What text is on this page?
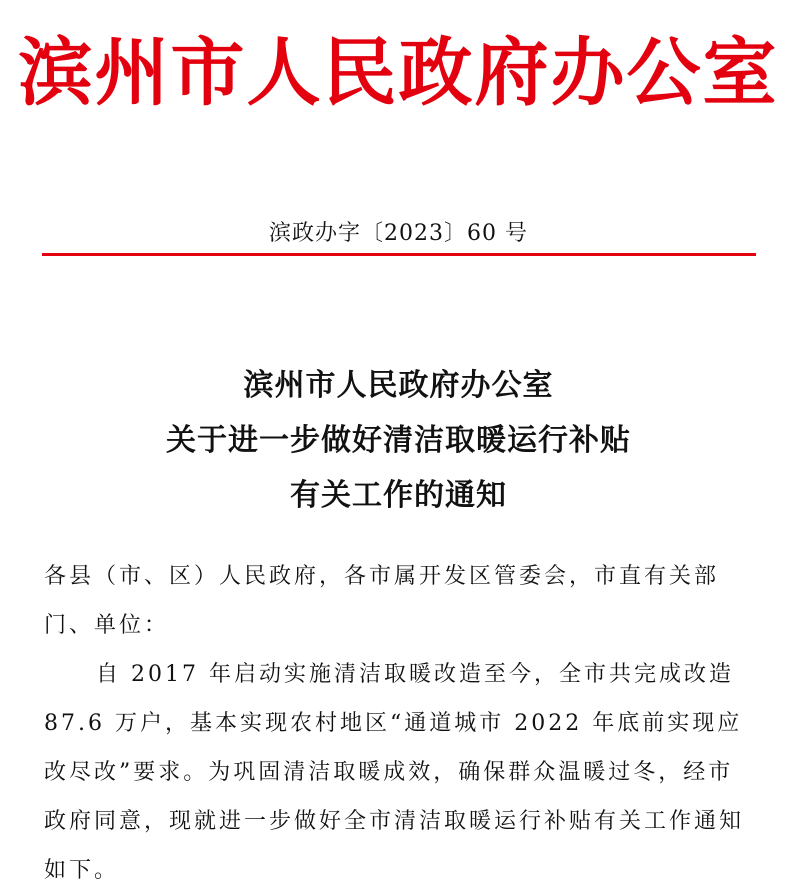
滨州市人民政府办公室
滨政办字〔2023〕60 号
滨州市人民政府办公室
关于进一步做好清洁取暖运行补贴
有关工作的通知

各县（市、区）人民政府，各市属开发区管委会，市直有关部门、单位：

自 2017 年启动实施清洁取暖改造至今，全市共完成改造 87.6 万户，基本实现农村地区“通道城市 2022 年底前实现应改尽改”要求。为巩固清洁取暖成效，确保群众温暖过冬，经市政府同意，现就进一步做好全市清洁取暖运行补贴有关工作通知如下。
